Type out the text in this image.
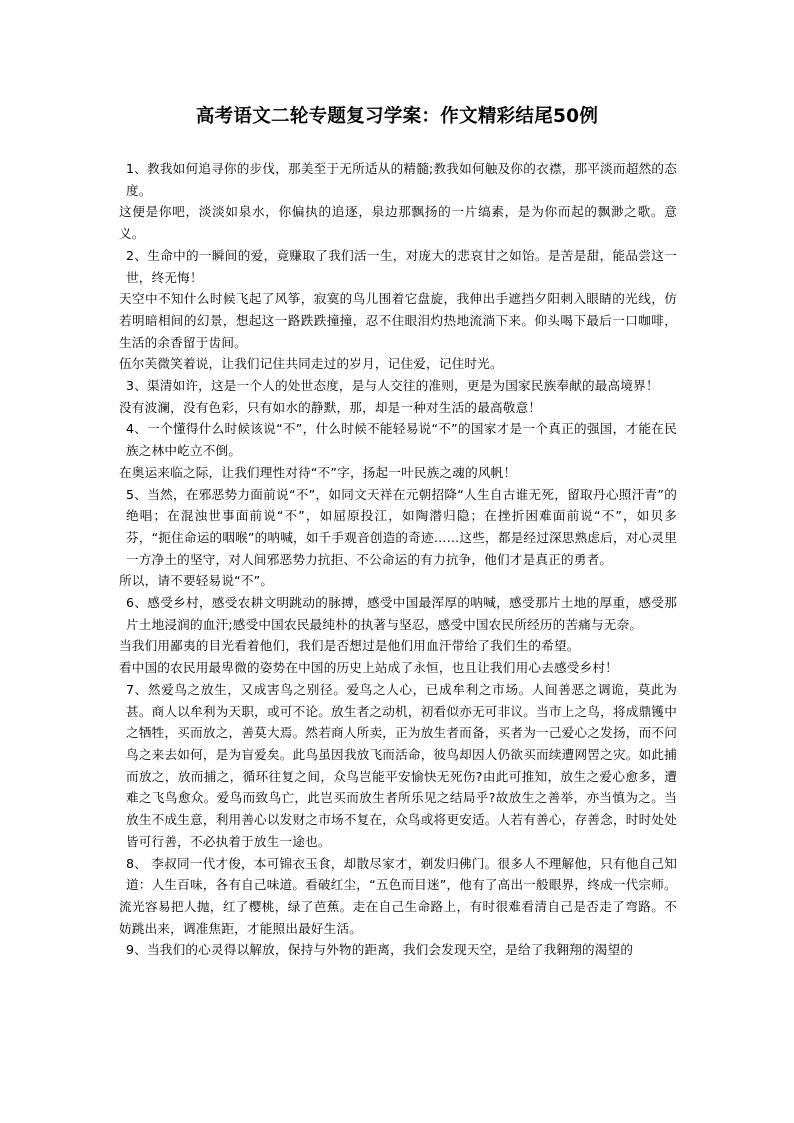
高考语文二轮专题复习学案：作文精彩结尾50例

1、教我如何追寻你的步伐，那美至于无所适从的精髓;教我如何触及你的衣襟，那平淡而超然的态度。

这便是你吧，淡淡如泉水，你偏执的追逐，泉边那飘扬的一片缟素，是为你而起的飘渺之歌。意义。

2、生命中的一瞬间的爱，竟赚取了我们活一生，对庞大的悲哀甘之如饴。是苦是甜，能品尝这一世，终无悔！

天空中不知什么时候飞起了风筝，寂寞的鸟儿围着它盘旋，我伸出手遮挡夕阳刺入眼睛的光线，仿若明暗相间的幻景，想起这一路跌跌撞撞，忍不住眼泪灼热地流淌下来。仰头喝下最后一口咖啡，生活的余香留于齿间。

伍尔芙微笑着说，让我们记住共同走过的岁月，记住爱，记住时光。

3、渠清如许，这是一个人的处世态度，是与人交往的准则，更是为国家民族奉献的最高境界！

没有波澜，没有色彩，只有如水的静默，那，却是一种对生活的最高敬意！

4、一个懂得什么时候该说“不”，什么时候不能轻易说“不”的国家才是一个真正的强国，才能在民族之林中屹立不倒。

在奥运来临之际，让我们理性对待“不”字，扬起一叶民族之魂的风帆！

5、当然，在邪恶势力面前说“不”，如同文天祥在元朝招降“人生自古谁无死，留取丹心照汗青”的绝唱；在混浊世事面前说“不”，如屈原投江，如陶潜归隐；在挫折困难面前说“不”，如贝多芬，“扼住命运的咽喉”的呐喊，如千手观音创造的奇迹……这些，都是经过深思熟虑后，对心灵里一方净土的坚守，对人间邪恶势力抗拒、不公命运的有力抗争，他们才是真正的勇者。

所以，请不要轻易说“不”。

6、感受乡村，感受农耕文明跳动的脉搏，感受中国最浑厚的呐喊，感受那片土地的厚重，感受那片土地浸润的血汗;感受中国农民最纯朴的执著与坚忍，感受中国农民所经历的苦痛与无奈。

当我们用鄙夷的目光看着他们，我们是否想过是他们用血汗带给了我们生的希望。

看中国的农民用最卑微的姿势在中国的历史上站成了永恒，也且让我们用心去感受乡村！

7、然爱鸟之放生，又成害鸟之别径。爱鸟之人心，已成牟利之市场。人间善恶之调诡，莫此为甚。商人以牟利为天职，或可不论。放生者之动机，初看似亦无可非议。当市上之鸟，将成鼎镬中之牺牲，买而放之，善莫大焉。然若商人所卖，正为放生者而备，买者为一己爱心之发扬，而不问鸟之来去如何，是为盲爱矣。此鸟虽因我放飞而活命，彼鸟却因人仍欲买而续遭网罟之灾。如此捕而放之，放而捕之，循环往复之间，众鸟岂能平安愉快无死伤?由此可推知，放生之爱心愈多，遭难之飞鸟愈众。爱鸟而致鸟亡，此岂买而放生者所乐见之结局乎?故放生之善举，亦当慎为之。当放生不成生意，利用善心以发财之市场不复在，众鸟或将更安适。人若有善心，存善念，时时处处皆可行善，不必执着于放生一途也。

8、 李叔同一代才俊，本可锦衣玉食，却散尽家才，剃发归佛门。很多人不理解他，只有他自己知道：人生百味，各有自己味道。看破红尘，“五色而目迷”，他有了高出一般眼界，终成一代宗师。

流光容易把人抛，红了樱桃，绿了芭蕉。走在自己生命路上，有时很难看清自己是否走了弯路。不妨跳出来，调准焦距，才能照出最好生活。

9、当我们的心灵得以解放，保持与外物的距离，我们会发现天空，是给了我翱翔的渴望的
